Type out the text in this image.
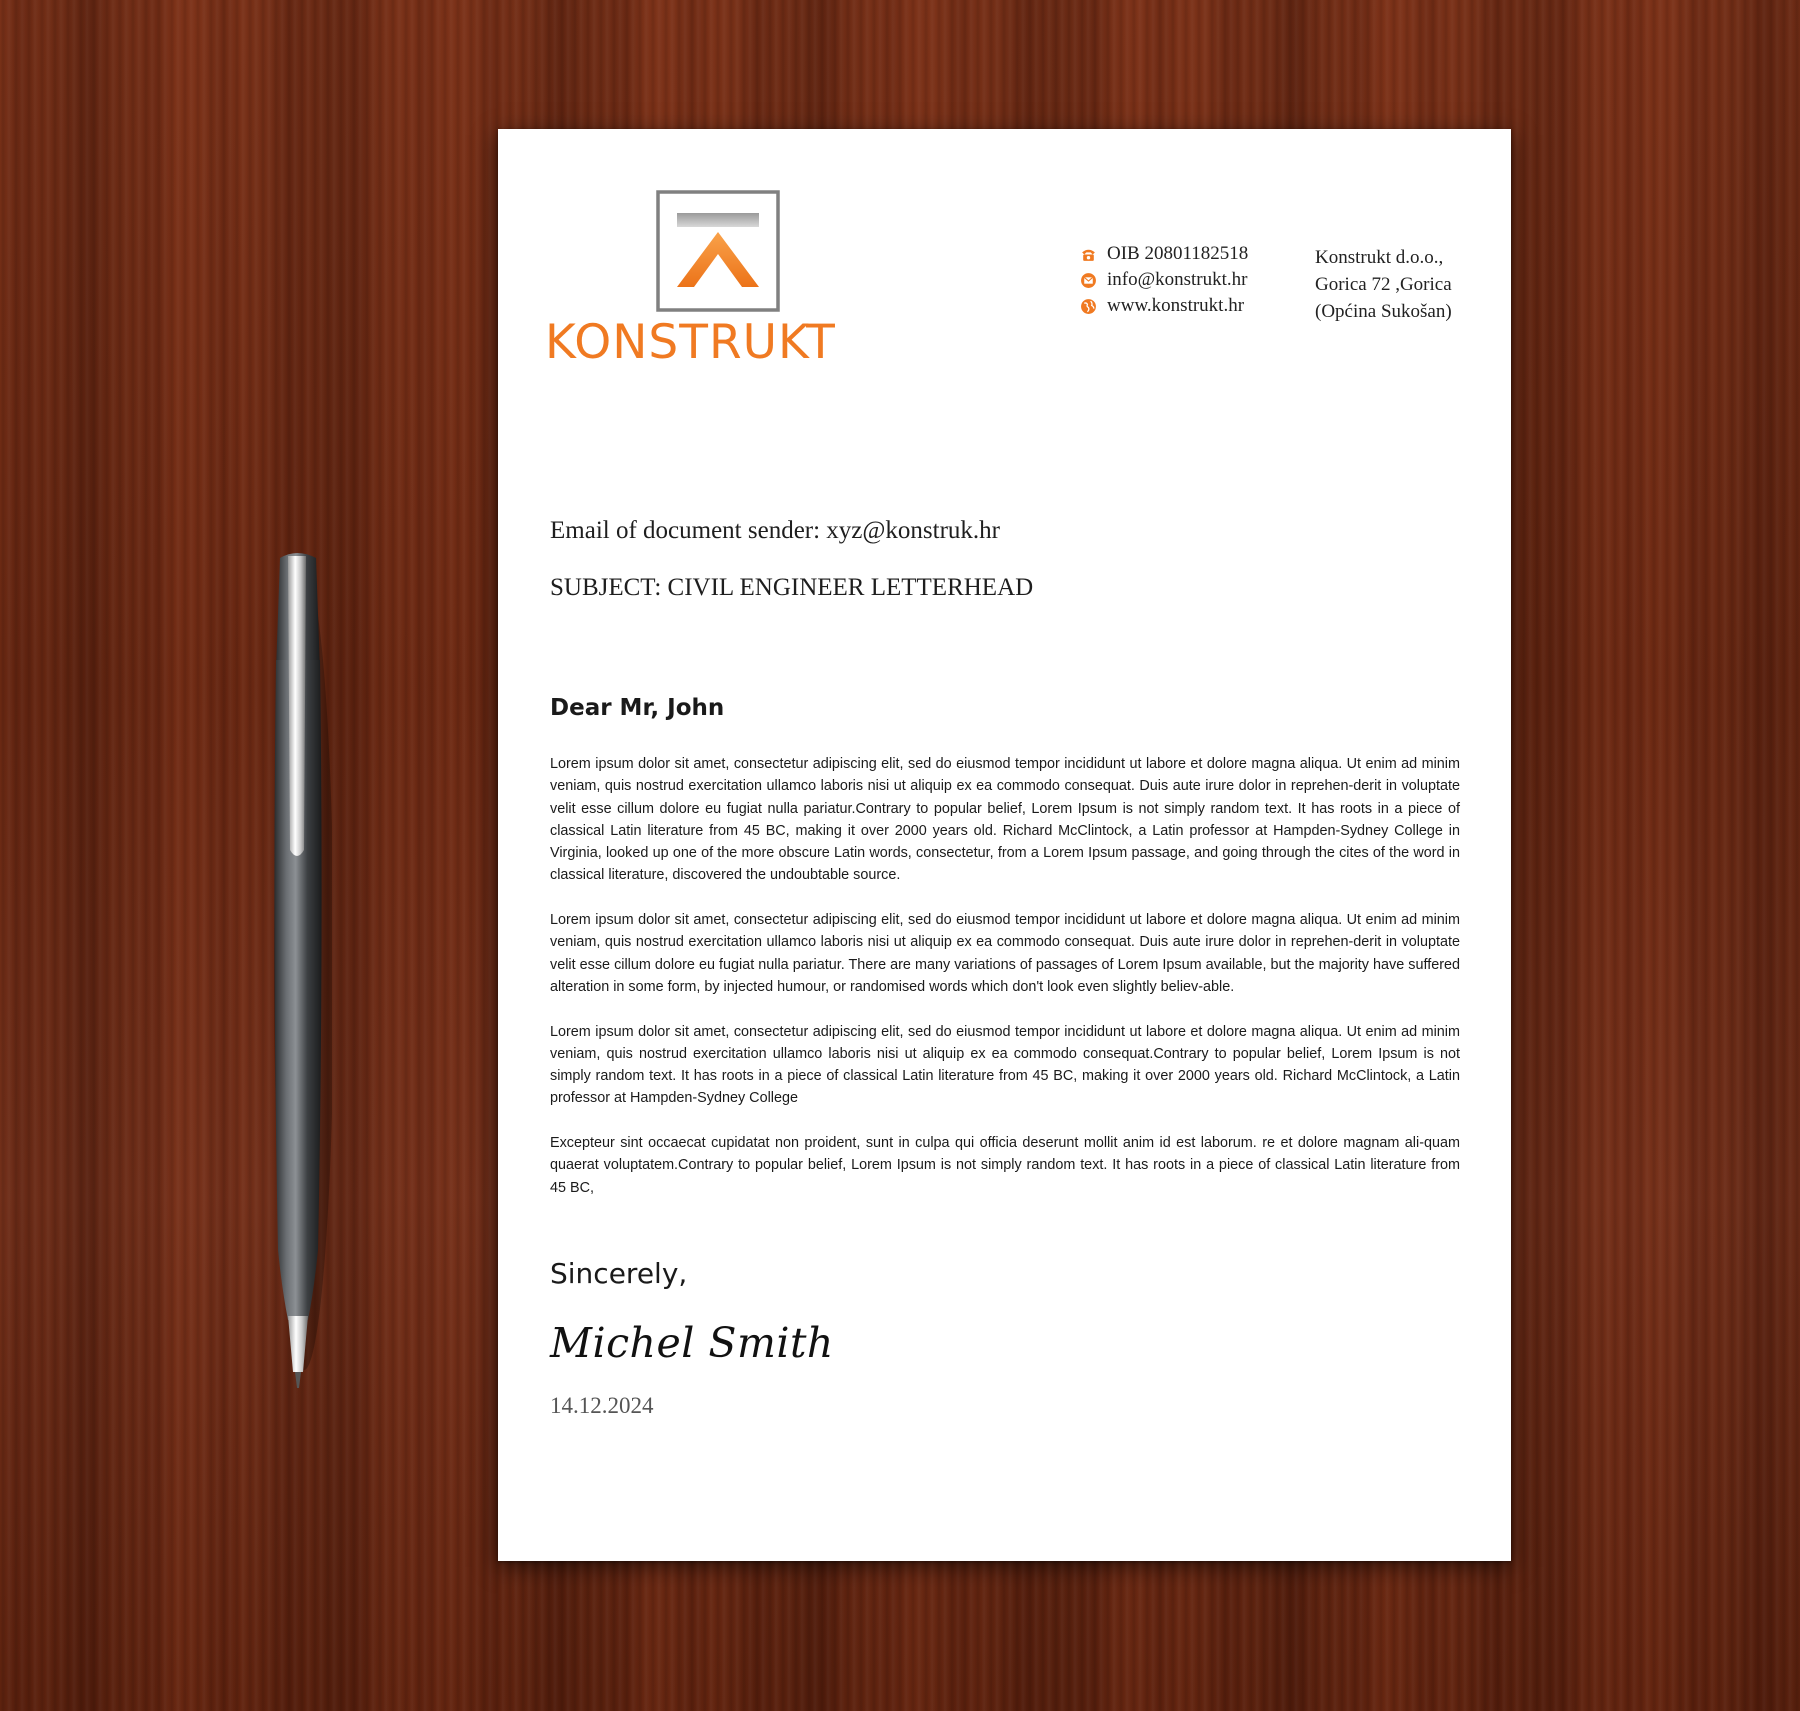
KONSTRUKT
OIB 20801182518
info@konstrukt.hr
www.konstrukt.hr
Konstrukt d.o.o.,
Gorica 72 ,Gorica
(Općina Sukošan)
Email of document sender: xyz@konstruk.hr
SUBJECT: CIVIL ENGINEER LETTERHEAD
Dear Mr, John

Lorem ipsum dolor sit amet, consectetur adipiscing elit, sed do eiusmod tempor incididunt ut labore et dolore magna aliqua. Ut enim ad minim veniam, quis nostrud exercitation ullamco laboris nisi ut aliquip ex ea commodo consequat. Duis aute irure dolor in reprehen-derit in voluptate velit esse cillum dolore eu fugiat nulla pariatur.Contrary to popular belief, Lorem Ipsum is not simply random text. It has roots in a piece of classical Latin literature from 45 BC, making it over 2000 years old. Richard McClintock, a Latin professor at Hampden-Sydney College in Virginia, looked up one of the more obscure Latin words, consectetur, from a Lorem Ipsum passage, and going through the cites of the word in classical literature, discovered the undoubtable source.

Lorem ipsum dolor sit amet, consectetur adipiscing elit, sed do eiusmod tempor incididunt ut labore et dolore magna aliqua. Ut enim ad minim veniam, quis nostrud exercitation ullamco laboris nisi ut aliquip ex ea commodo consequat. Duis aute irure dolor in reprehen-derit in voluptate velit esse cillum dolore eu fugiat nulla pariatur. There are many variations of passages of Lorem Ipsum available, but the majority have suffered alteration in some form, by injected humour, or randomised words which don't look even slightly believ-able.

Lorem ipsum dolor sit amet, consectetur adipiscing elit, sed do eiusmod tempor incididunt ut labore et dolore magna aliqua. Ut enim ad minim veniam, quis nostrud exercitation ullamco laboris nisi ut aliquip ex ea commodo consequat.Contrary to popular belief, Lorem Ipsum is not simply random text. It has roots in a piece of classical Latin literature from 45 BC, making it over 2000 years old. Richard McClintock, a Latin professor at Hampden-Sydney College

Excepteur sint occaecat cupidatat non proident, sunt in culpa qui officia deserunt mollit anim id est laborum. re et dolore magnam ali-quam quaerat voluptatem.Contrary to popular belief, Lorem Ipsum is not simply random text. It has roots in a piece of classical Latin literature from 45 BC,

Sincerely,
Michel Smith
14.12.2024
